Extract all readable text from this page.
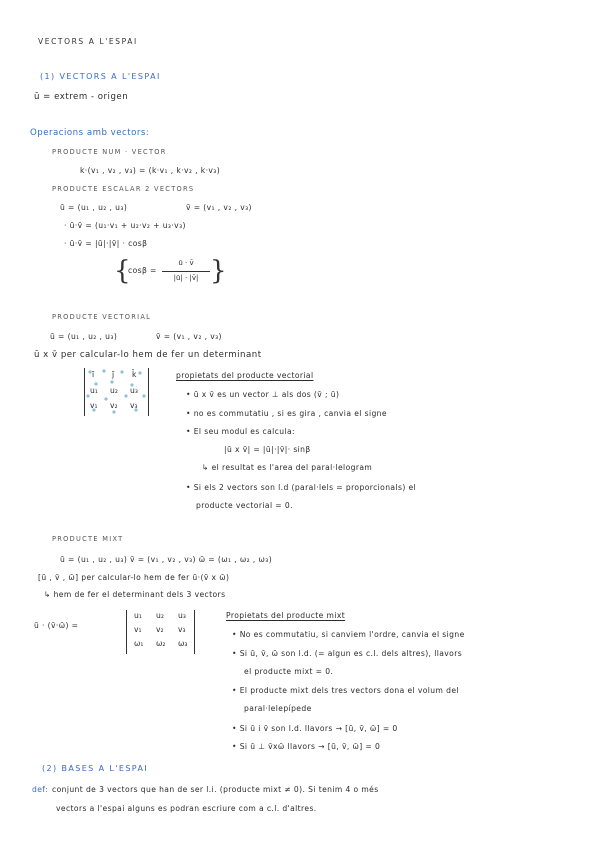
VECTORS A L'ESPAI
(1) VECTORS A L'ESPAI
ū = extrem - origen
Operacions amb vectors:
PRODUCTE NUM · VECTOR
k·(v₁ , v₂ , v₃) = (k·v₁ , k·v₂ , k·v₃)
PRODUCTE ESCALAR 2 VECTORS
ū = (u₁ , u₂ , u₃)	v̄ = (v₁ , v₂ , v₃)
· ū·v̄ = (u₁·v₁ + u₂·v₂ + u₃·v₃)
· ū·v̄ = |ū|·|v̄| · cosβ
{
cosβ =
ū · v̄
|ū| · |v̄| }
PRODUCTE VECTORIAL
ū = (u₁ , u₂ , u₃)	v̄ = (v₁ , v₂ , v₃)
ū x v̄ per calcular-lo hem de fer un determinant
ī j̄ k̄
u₁ u₂ u₃
v₁ v₂ v₃
propietats del producte vectorial
• ū x v̄ es un vector ⊥ als dos (v̄ ; ū)
• no es commutatiu , si es gira , canvia el signe
• El seu modul es calcula:
|ū x v̄| = |ū|·|v̄|· sinβ
↳ el resultat es l'area del paral·lelogram
• Si els 2 vectors son l.d (paral·lels = proporcionals) el
producte vectorial = 0.
PRODUCTE MIXT
ū = (u₁ , u₂ , u₃) v̄ = (v₁ , v₂ , v₃) ω̄ = (ω₁ , ω₂ , ω₃)
[ū , v̄ , ω̄] per calcular-lo hem de fer ū·(v̄ x ω̄)
↳ hem de fer el determinant dels 3 vectors
ū · (v̄·ω̄) =
u₁ u₂ u₃
v₁ v₂ v₃
ω₁ ω₂ ω₃
Propietats del producte mixt
• No es commutatiu, si canviem l'ordre, canvia el signe
• Si ū, v̄, ω̄ son l.d. (= algun es c.l. dels altres), llavors
el producte mixt = 0.
• El producte mixt dels tres vectors dona el volum del
paral·lelepípede
• Si ū i v̄ son l.d. llavors → [ū, v̄, ω̄] = 0
• Si ū ⊥ v̄xω̄ llavors → [ū, v̄, ω̄] = 0
(2) BASES A L'ESPAI
def: conjunt de 3 vectors que han de ser l.i. (producte mixt ≠ 0). Si tenim 4 o més
vectors a l'espai alguns es podran escriure com a c.l. d'altres.
